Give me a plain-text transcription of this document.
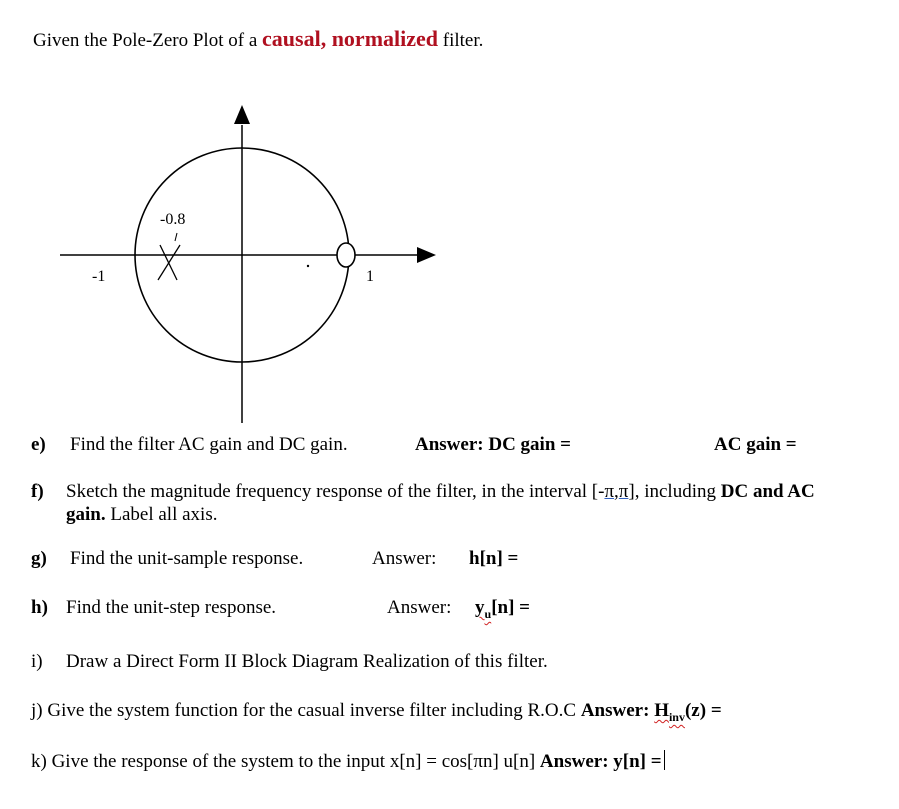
Given the Pole-Zero Plot of a causal, normalized filter.
-0.8
-1	1
e) Find the filter AC gain and DC gain.	Answer: DC gain =	AC gain =
f) Sketch the magnitude frequency response of the filter, in the interval [-π,π], including DC and AC
gain. Label all axis.
g) Find the unit-sample response.	Answer: h[n] =
h) Find the unit-step response.	Answer: $y_u[n]$ =
i) Draw a Direct Form II Block Diagram Realization of this filter.
j) Give the system function for the casual inverse filter including R.O.C Answer: $H_{inv}(z)$ =
k) Give the response of the system to the input x[n] = cos[πn] u[n] Answer: y[n] =
